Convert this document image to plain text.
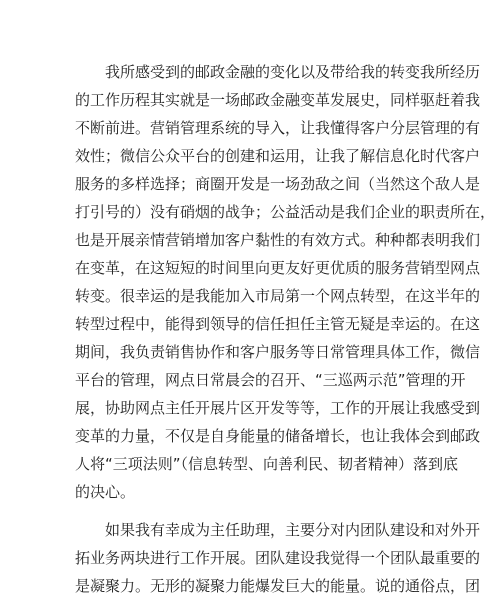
我所感受到的邮政金融的变化以及带给我的转变我所经历
的工作历程其实就是一场邮政金融变革发展史，同样驱赶着我
不断前进。营销管理系统的导入，让我懂得客户分层管理的有
效性；微信公众平台的创建和运用，让我了解信息化时代客户
服务的多样选择；商圈开发是一场劲敌之间（当然这个敌人是
打引号的）没有硝烟的战争；公益活动是我们企业的职责所在，
也是开展亲情营销增加客户黏性的有效方式。种种都表明我们
在变革，在这短短的时间里向更友好更优质的服务营销型网点
转变。很幸运的是我能加入市局第一个网点转型，在这半年的
转型过程中，能得到领导的信任担任主管无疑是幸运的。在这
期间，我负责销售协作和客户服务等日常管理具体工作，微信
平台的管理，网点日常晨会的召开、“三巡两示范”管理的开
展，协助网点主任开展片区开发等等，工作的开展让我感受到
变革的力量，不仅是自身能量的储备增长，也让我体会到邮政
人将“三项法则”（信息转型、向善利民、韧者精神）落到底
的决心。
如果我有幸成为主任助理，主要分对内团队建设和对外开
拓业务两块进行工作开展。团队建设我觉得一个团队最重要的
是凝聚力。无形的凝聚力能爆发巨大的能量。说的通俗点，团
